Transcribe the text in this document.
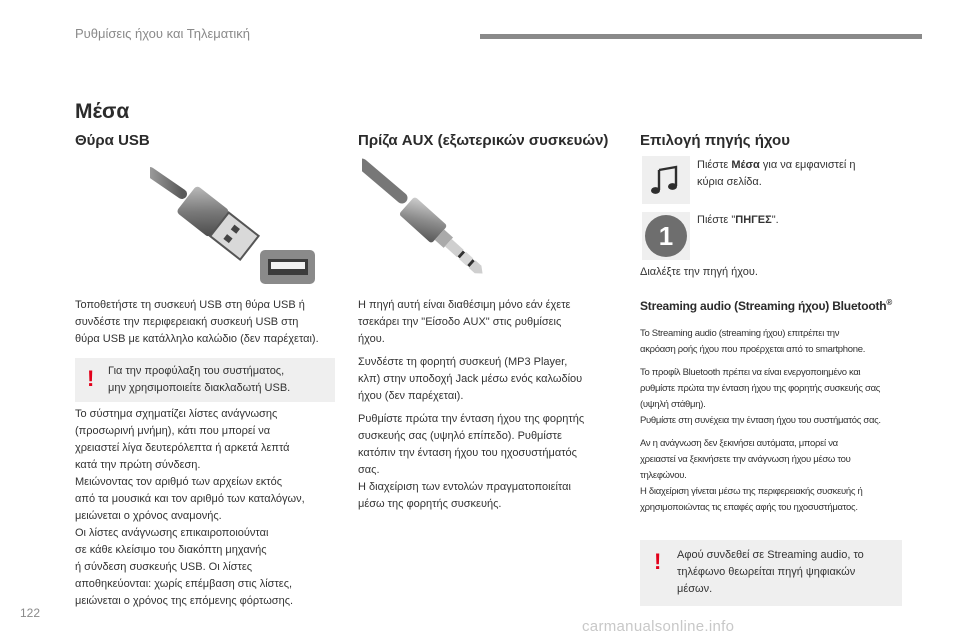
Ρυθμίσεις ήχου και Τηλεματική
Μέσα
Θύρα USB

Τοποθετήστε τη συσκευή USB στη θύρα USB ή

συνδέστε την περιφερειακή συσκευή USB στη

θύρα USB με κατάλληλο καλώδιο (δεν παρέχεται).

! Για την προφύλαξη του συστήματος,

μην χρησιμοποιείτε διακλαδωτή USB.

Το σύστημα σχηματίζει λίστες ανάγνωσης

(προσωρινή μνήμη), κάτι που μπορεί να

χρειαστεί λίγα δευτερόλεπτα ή αρκετά λεπτά

κατά την πρώτη σύνδεση.

Μειώνοντας τον αριθμό των αρχείων εκτός

από τα μουσικά και τον αριθμό των καταλόγων,

μειώνεται ο χρόνος αναμονής.

Οι λίστες ανάγνωσης επικαιροποιούνται

σε κάθε κλείσιμο του διακόπτη μηχανής

ή σύνδεση συσκευής USB. Οι λίστες

αποθηκεύονται: χωρίς επέμβαση στις λίστες,

μειώνεται ο χρόνος της επόμενης φόρτωσης.

Πρίζα AUX (εξωτερικών συσκευών)

Η πηγή αυτή είναι διαθέσιμη μόνο εάν έχετε

τσεκάρει την "Είσοδο AUX" στις ρυθμίσεις

ήχου.

Συνδέστε τη φορητή συσκευή (MP3 Player,

κλπ) στην υποδοχή Jack μέσω ενός καλωδίου

ήχου (δεν παρέχεται).

Ρυθμίστε πρώτα την ένταση ήχου της φορητής

συσκευής σας (υψηλό επίπεδο). Ρυθμίστε

κατόπιν την ένταση ήχου του ηχοσυστήματός

σας.

Η διαχείριση των εντολών πραγματοποιείται

μέσω της φορητής συσκευής.

Επιλογή πηγής ήχου

Πιέστε Μέσα για να εμφανιστεί η

κύρια σελίδα.

1

Πιέστε "ΠΗΓΕΣ".

Διαλέξτε την πηγή ήχου.
Streaming audio (Streaming ήχου) Bluetooth®

Το Streaming audio (streaming ήχου) επιτρέπει την

ακρόαση ροής ήχου που προέρχεται από το smartphone.

Το προφίλ Bluetooth πρέπει να είναι ενεργοποιημένο και

ρυθμίστε πρώτα την ένταση ήχου της φορητής συσκευής σας

(υψηλή στάθμη).

Ρυθμίστε στη συνέχεια την ένταση ήχου του συστήματός σας.

Αν η ανάγνωση δεν ξεκινήσει αυτόματα, μπορεί να

χρειαστεί να ξεκινήσετε την ανάγνωση ήχου μέσω του

τηλεφώνου.

Η διαχείριση γίνεται μέσω της περιφερειακής συσκευής ή

χρησιμοποιώντας τις επαφές αφής του ηχοσυστήματος.

! Αφού συνδεθεί σε Streaming audio, το

τηλέφωνο θεωρείται πηγή ψηφιακών

μέσων.

122
carmanualsonline.info
